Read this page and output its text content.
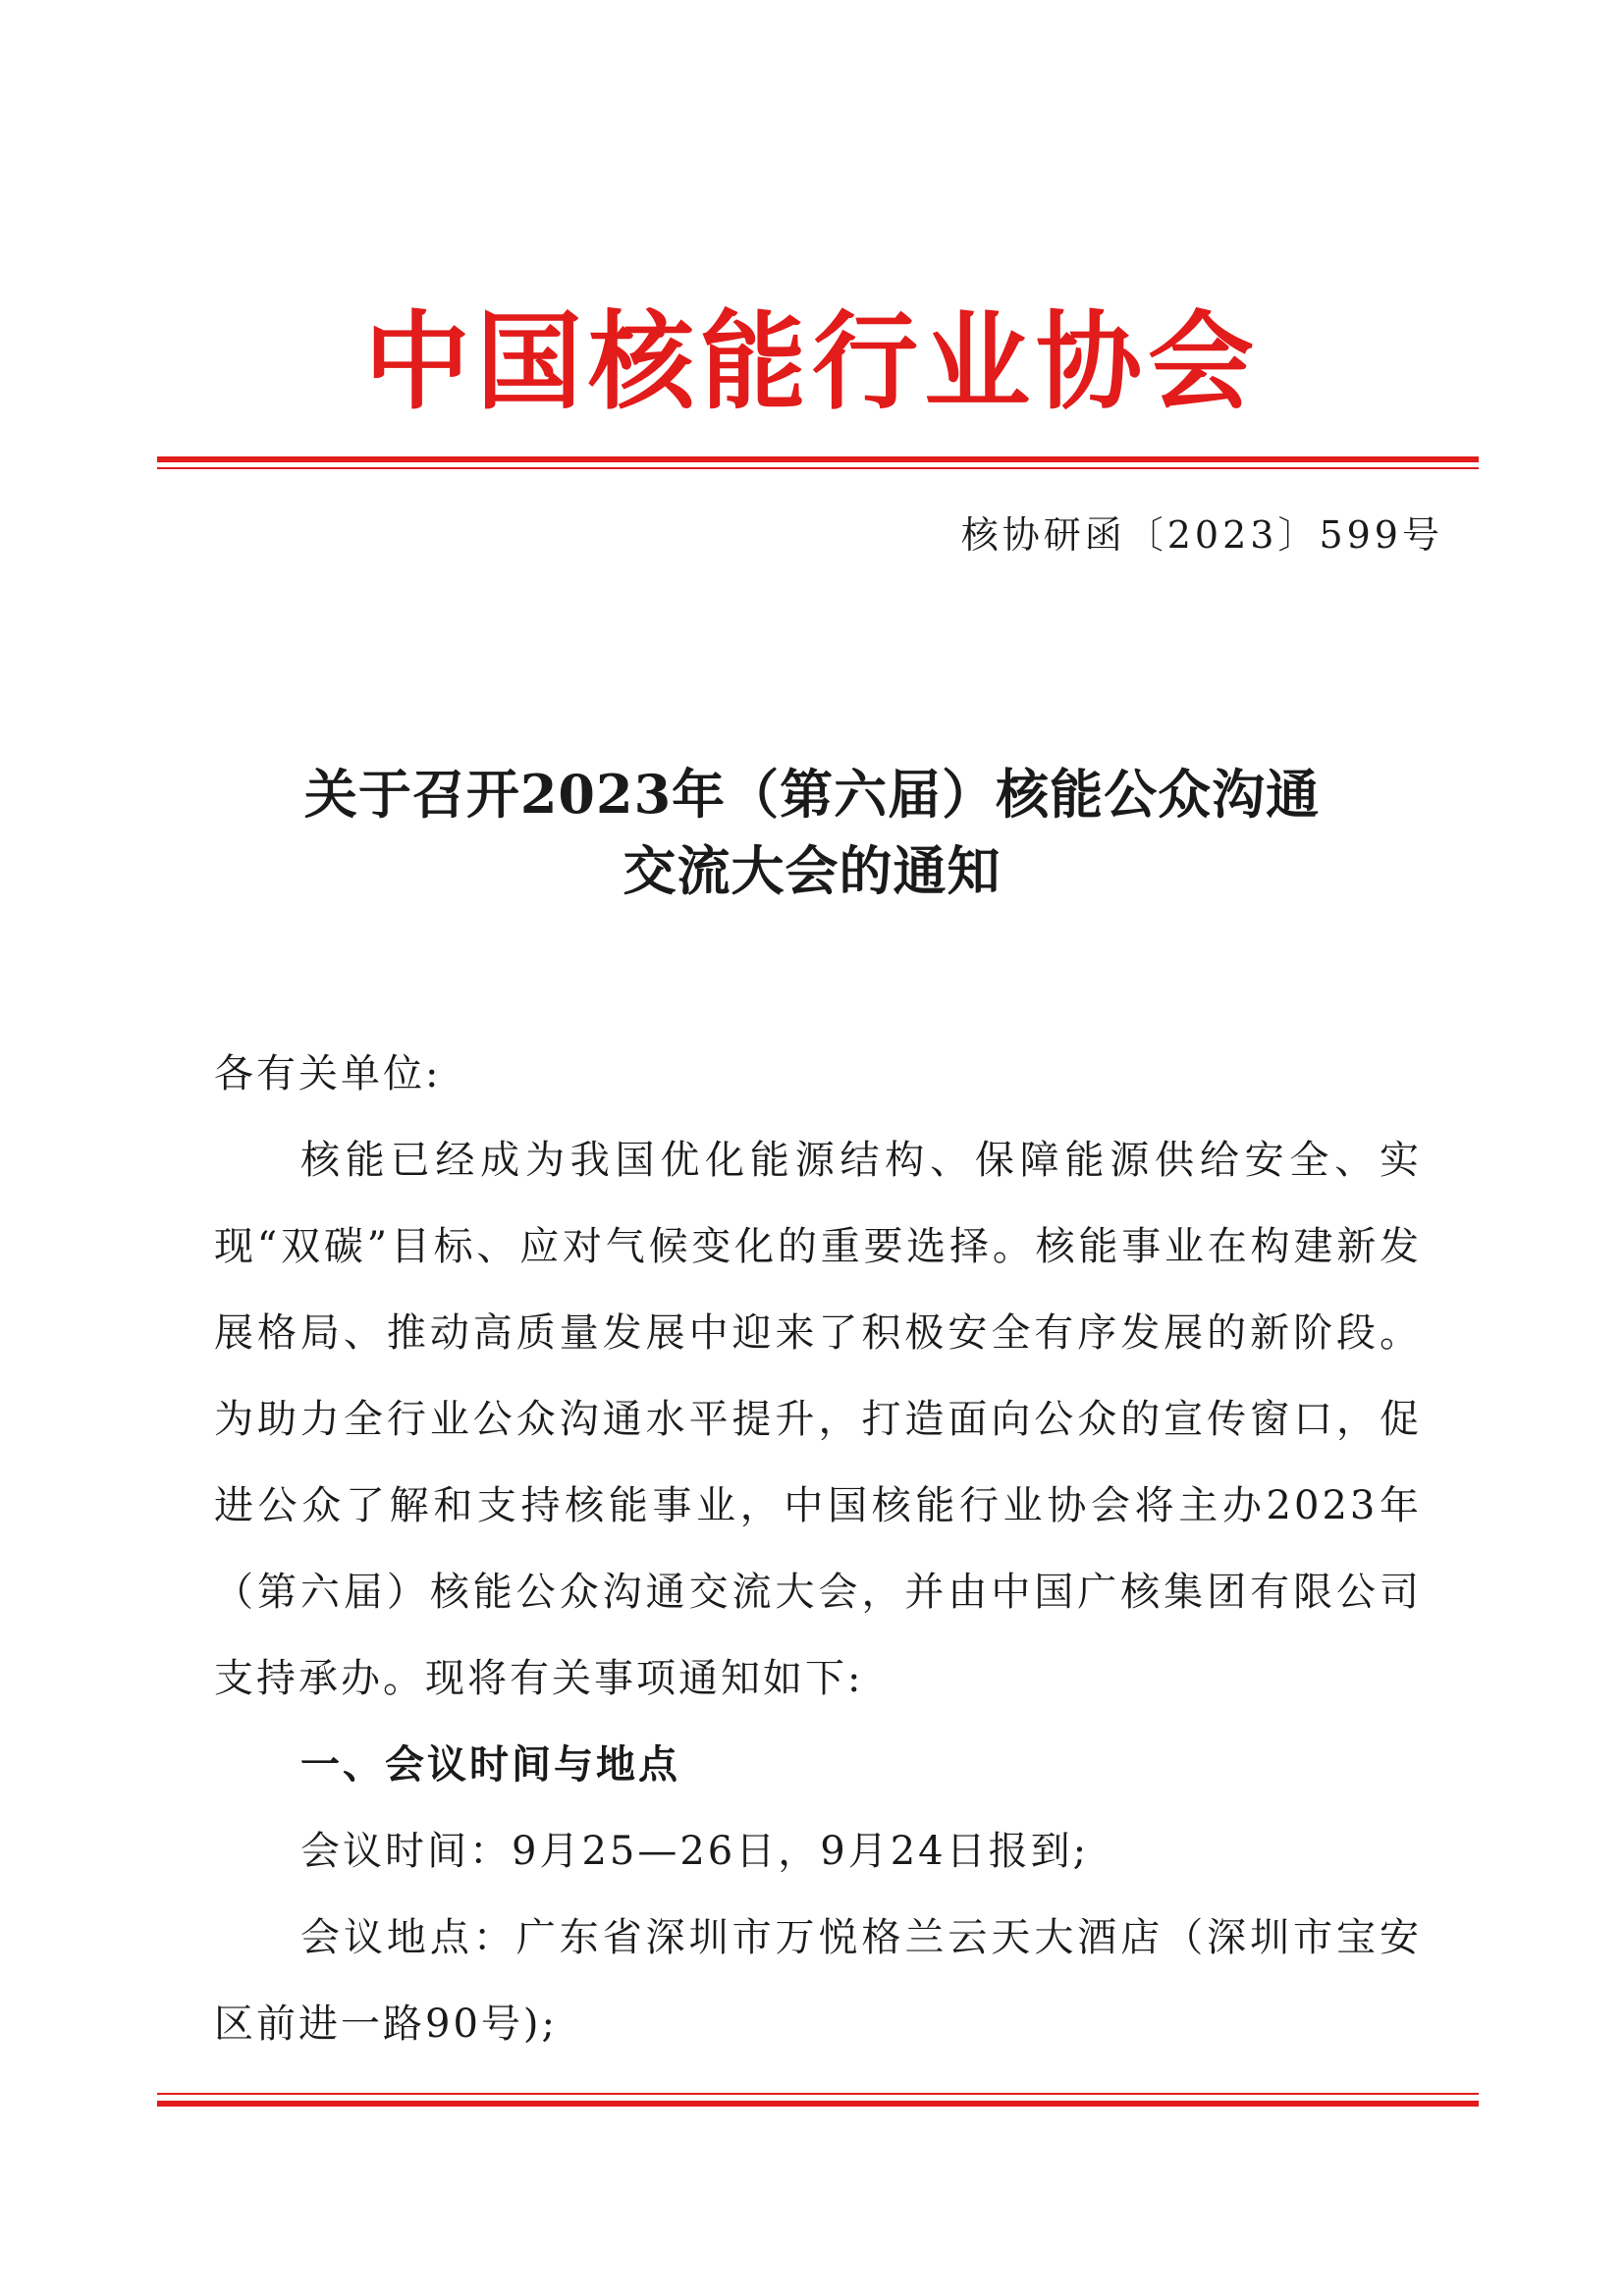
中国核能行业协会
核协研函〔2023〕599号
关于召开2023年（第六届）核能公众沟通
交流大会的通知

各有关单位:

核能已经成为我国优化能源结构、保障能源供给安全、实现“双碳”目标、应对气候变化的重要选择。核能事业在构建新发展格局、推动高质量发展中迎来了积极安全有序发展的新阶段。为助力全行业公众沟通水平提升，打造面向公众的宣传窗口，促进公众了解和支持核能事业，中国核能行业协会将主办2023年（第六届）核能公众沟通交流大会，并由中国广核集团有限公司支持承办。现将有关事项通知如下:

一、会议时间与地点

会议时间：9月25—26日，9月24日报到;

会议地点：广东省深圳市万悦格兰云天大酒店（深圳市宝安区前进一路90号);
